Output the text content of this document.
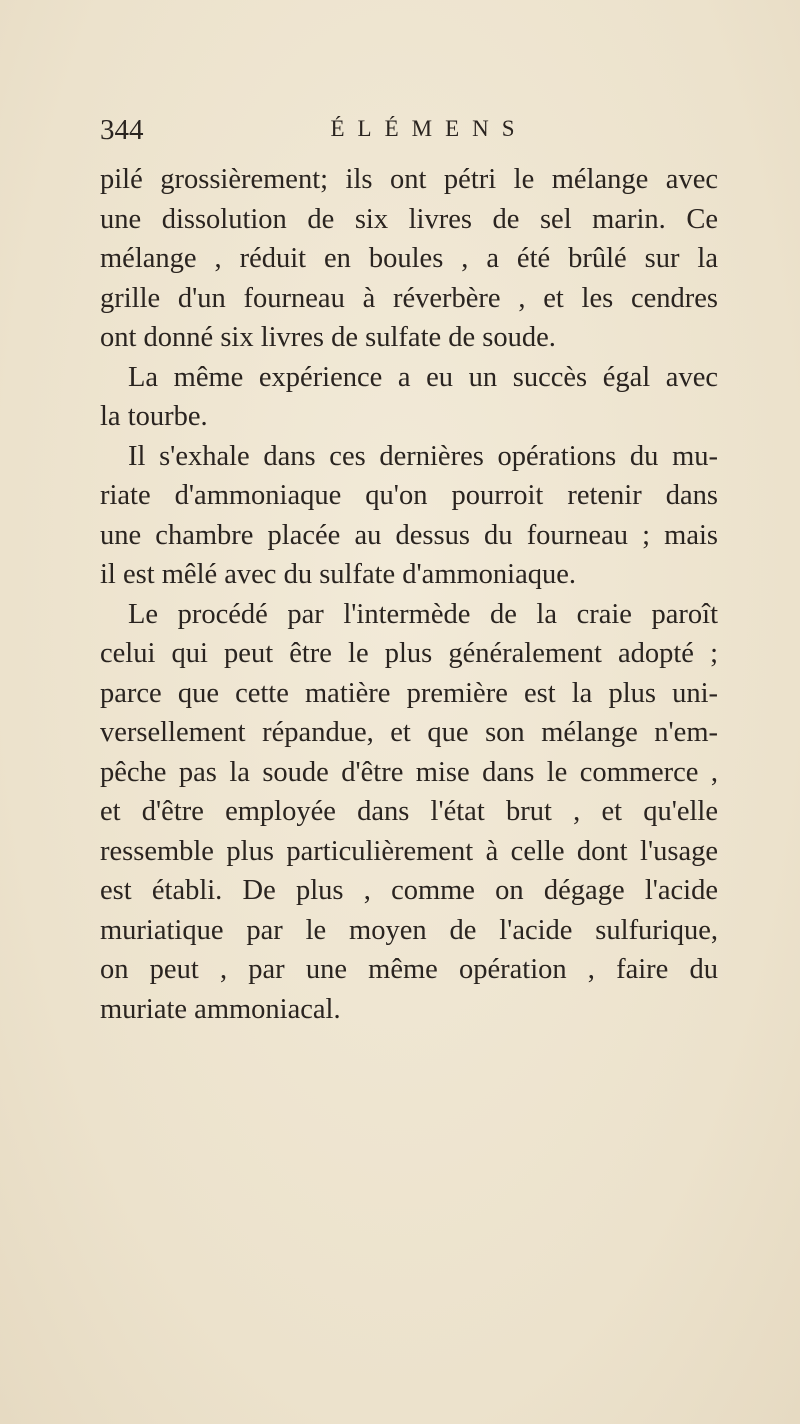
344	ÉLÉMENS
pilé grossièrement; ils ont pétri le mélange avec
une dissolution de six livres de sel marin. Ce
mélange , réduit en boules , a été brûlé sur la
grille d'un fourneau à réverbère , et les cendres
ont donné six livres de sulfate de soude.
La même expérience a eu un succès égal avec
la tourbe.
Il s'exhale dans ces dernières opérations du mu-
riate d'ammoniaque qu'on pourroit retenir dans
une chambre placée au dessus du fourneau ; mais
il est mêlé avec du sulfate d'ammoniaque.
Le procédé par l'intermède de la craie paroît
celui qui peut être le plus généralement adopté ;
parce que cette matière première est la plus uni-
versellement répandue, et que son mélange n'em-
pêche pas la soude d'être mise dans le commerce ,
et d'être employée dans l'état brut , et qu'elle
ressemble plus particulièrement à celle dont l'usage
est établi. De plus , comme on dégage l'acide
muriatique par le moyen de l'acide sulfurique,
on peut , par une même opération , faire du
muriate ammoniacal.
